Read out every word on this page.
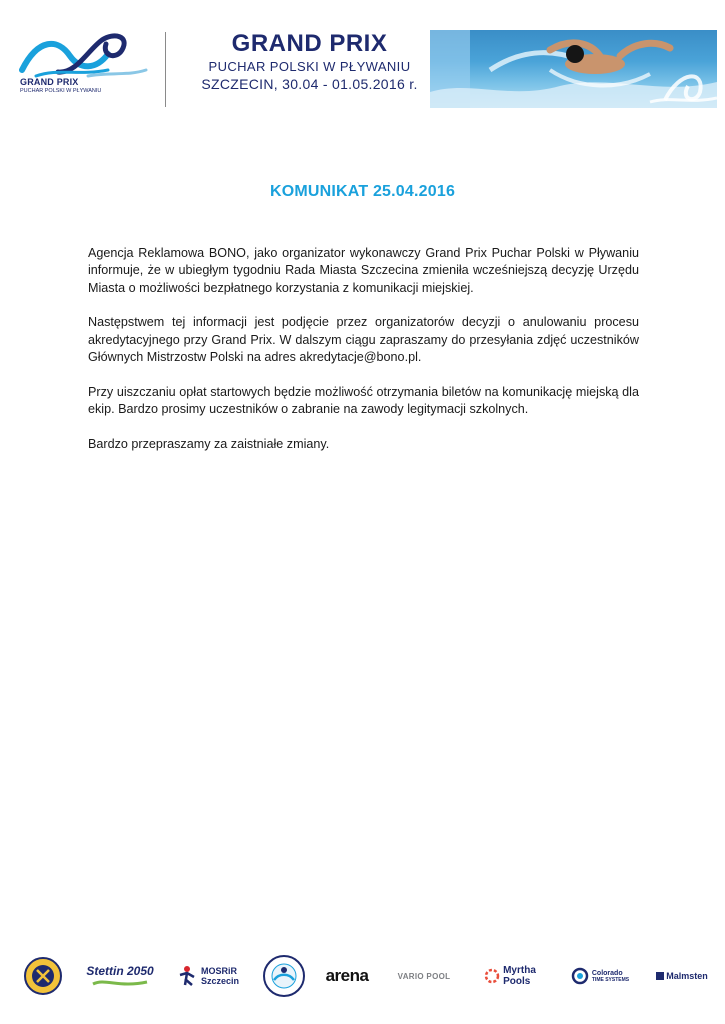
GRAND PRIX
PUCHAR POLSKI W PŁYWANIU
GRAND PRIX
PUCHAR POLSKI W PŁYWANIU
SZCZECIN, 30.04 - 01.05.2016 r.
KOMUNIKAT 25.04.2016

Agencja Reklamowa BONO, jako organizator wykonawczy Grand Prix Puchar Polski w Pływaniu informuje, że w ubiegłym tygodniu Rada Miasta Szczecina zmieniła wcześniejszą decyzję Urzędu Miasta o możliwości bezpłatnego korzystania z komunikacji miejskiej.

Następstwem tej informacji jest podjęcie przez organizatorów decyzji o anulowaniu procesu akredytacyjnego przy Grand Prix. W dalszym ciągu zapraszamy do przesyłania zdjęć uczestników Głównych Mistrzostw Polski na adres akredytacje@bono.pl.

Przy uiszczaniu opłat startowych będzie możliwość otrzymania biletów na komunikację miejską dla ekip. Bardzo prosimy uczestników o zabranie na zawody legitymacji szkolnych.

Bardzo przepraszamy za zaistniałe zmiany.

Stettin 2050	MOSRiR
Szczecin	arena	VARIO POOL	Myrtha
Pools
Colorado
TIME SYSTEMS	Malmsten
